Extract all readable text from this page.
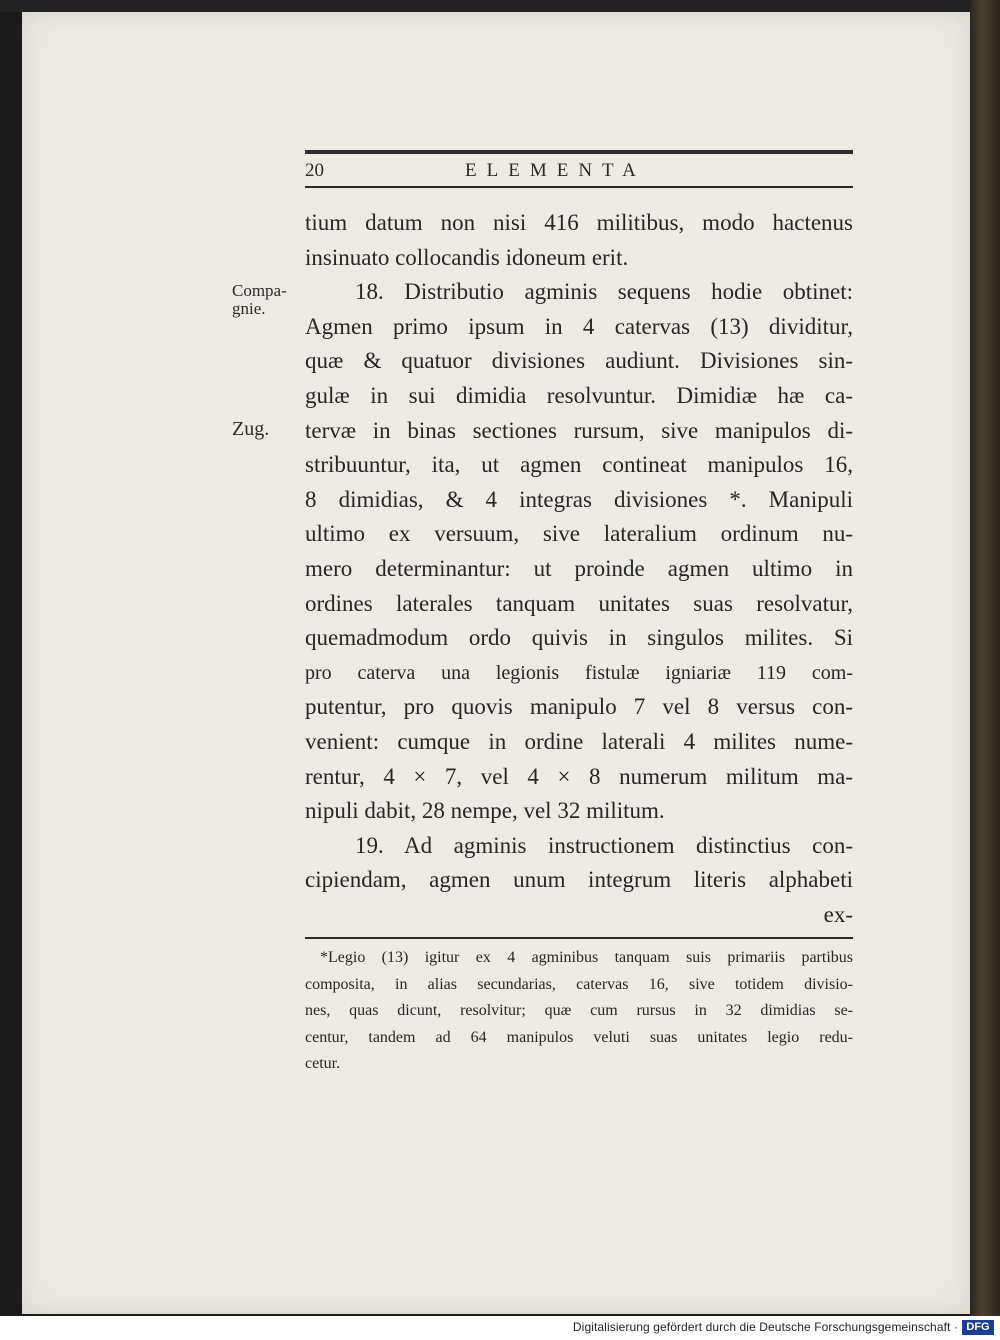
20	ELEMENTA
Compa-
gnie.
Zug.
tium datum non nisi 416 militibus, modo hactenus
insinuato collocandis idoneum erit.
18. Distributio agminis sequens hodie obtinet:
Agmen primo ipsum in 4 catervas (13) dividitur,
quæ & quatuor divisiones audiunt. Divisiones sin-
gulæ in sui dimidia resolvuntur. Dimidiæ hæ ca-
tervæ in binas sectiones rursum, sive manipulos di-
stribuuntur, ita, ut agmen contineat manipulos 16,
8 dimidias, & 4 integras divisiones *. Manipuli
ultimo ex versuum, sive lateralium ordinum nu-
mero determinantur: ut proinde agmen ultimo in
ordines laterales tanquam unitates suas resolvatur,
quemadmodum ordo quivis in singulos milites. Si
pro caterva una legionis fistulæ igniariæ 119 com-
putentur, pro quovis manipulo 7 vel 8 versus con-
venient: cumque in ordine laterali 4 milites nume-
rentur, 4 × 7, vel 4 × 8 numerum militum ma-
nipuli dabit, 28 nempe, vel 32 militum.
19. Ad agminis instructionem distinctius con-
cipiendam, agmen unum integrum literis alphabeti
ex-
*Legio (13) igitur ex 4 agminibus tanquam suis primariis partibus
composita, in alias secundarias, catervas 16, sive totidem divisio-
nes, quas dicunt, resolvitur; quæ cum rursus in 32 dimidias se-
centur, tandem ad 64 manipulos veluti suas unitates legio redu-
cetur.
Digitalisierung gefördert durch die Deutsche Forschungsgemeinschaft · DFG
